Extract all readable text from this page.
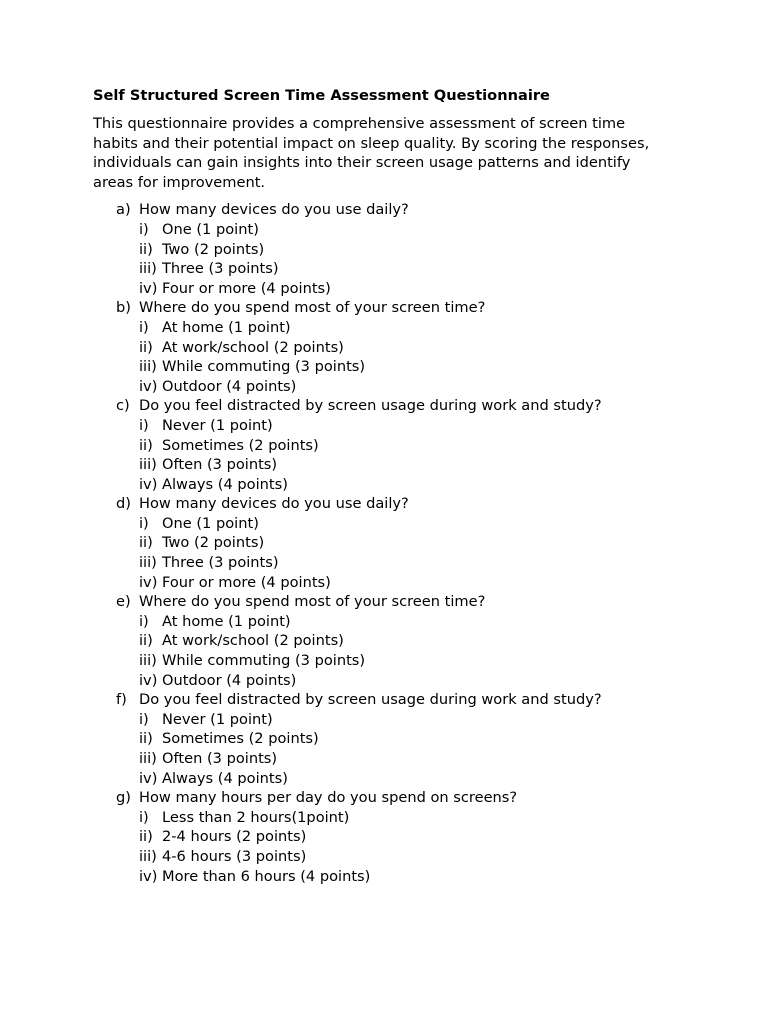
Self Structured Screen Time Assessment Questionnaire

This questionnaire provides a comprehensive assessment of screen time habits and their potential impact on sleep quality. By scoring the responses, individuals can gain insights into their screen usage patterns and identify areas for improvement.

a) How many devices do you use daily?
i) One (1 point)
ii) Two (2 points)
iii) Three (3 points)
iv) Four or more (4 points)
b) Where do you spend most of your screen time?
i) At home (1 point)
ii) At work/school (2 points)
iii) While commuting (3 points)
iv) Outdoor (4 points)
c) Do you feel distracted by screen usage during work and study?
i) Never (1 point)
ii) Sometimes (2 points)
iii) Often (3 points)
iv) Always (4 points)
d) How many devices do you use daily?
i) One (1 point)
ii) Two (2 points)
iii) Three (3 points)
iv) Four or more (4 points)
e) Where do you spend most of your screen time?
i) At home (1 point)
ii) At work/school (2 points)
iii) While commuting (3 points)
iv) Outdoor (4 points)
f) Do you feel distracted by screen usage during work and study?
i) Never (1 point)
ii) Sometimes (2 points)
iii) Often (3 points)
iv) Always (4 points)
g) How many hours per day do you spend on screens?
i) Less than 2 hours(1point)
ii) 2-4 hours (2 points)
iii) 4-6 hours (3 points)
iv) More than 6 hours (4 points)
